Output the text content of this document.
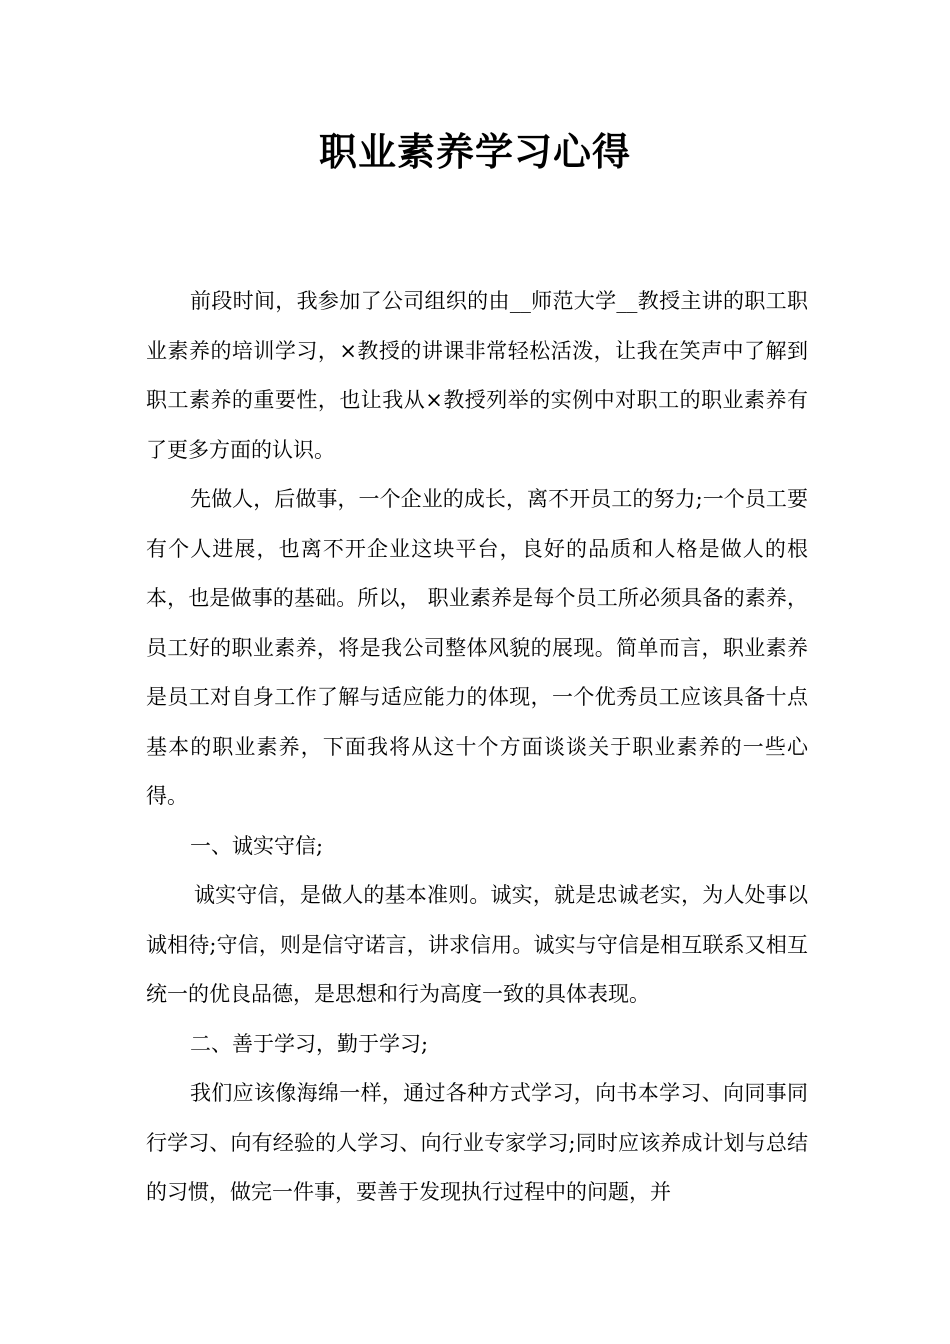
职业素养学习心得

前段时间，我参加了公司组织的由__师范大学__教授主讲的职工职业素养的培训学习，×教授的讲课非常轻松活泼，让我在笑声中了解到职工素养的重要性，也让我从×教授列举的实例中对职工的职业素养有了更多方面的认识。

先做人，后做事，一个企业的成长，离不开员工的努力;一个员工要有个人进展，也离不开企业这块平台，良好的品质和人格是做人的根本，也是做事的基础。所以， 职业素养是每个员工所必须具备的素养，员工好的职业素养，将是我公司整体风貌的展现。简单而言，职业素养是员工对自身工作了解与适应能力的体现，一个优秀员工应该具备十点基本的职业素养，下面我将从这十个方面谈谈关于职业素养的一些心得。

一、诚实守信;

诚实守信，是做人的基本准则。诚实，就是忠诚老实，为人处事以诚相待;守信，则是信守诺言，讲求信用。诚实与守信是相互联系又相互统一的优良品德，是思想和行为高度一致的具体表现。

二、善于学习，勤于学习;

我们应该像海绵一样，通过各种方式学习，向书本学习、向同事同行学习、向有经验的人学习、向行业专家学习;同时应该养成计划与总结的习惯，做完一件事，要善于发现执行过程中的问题，并
